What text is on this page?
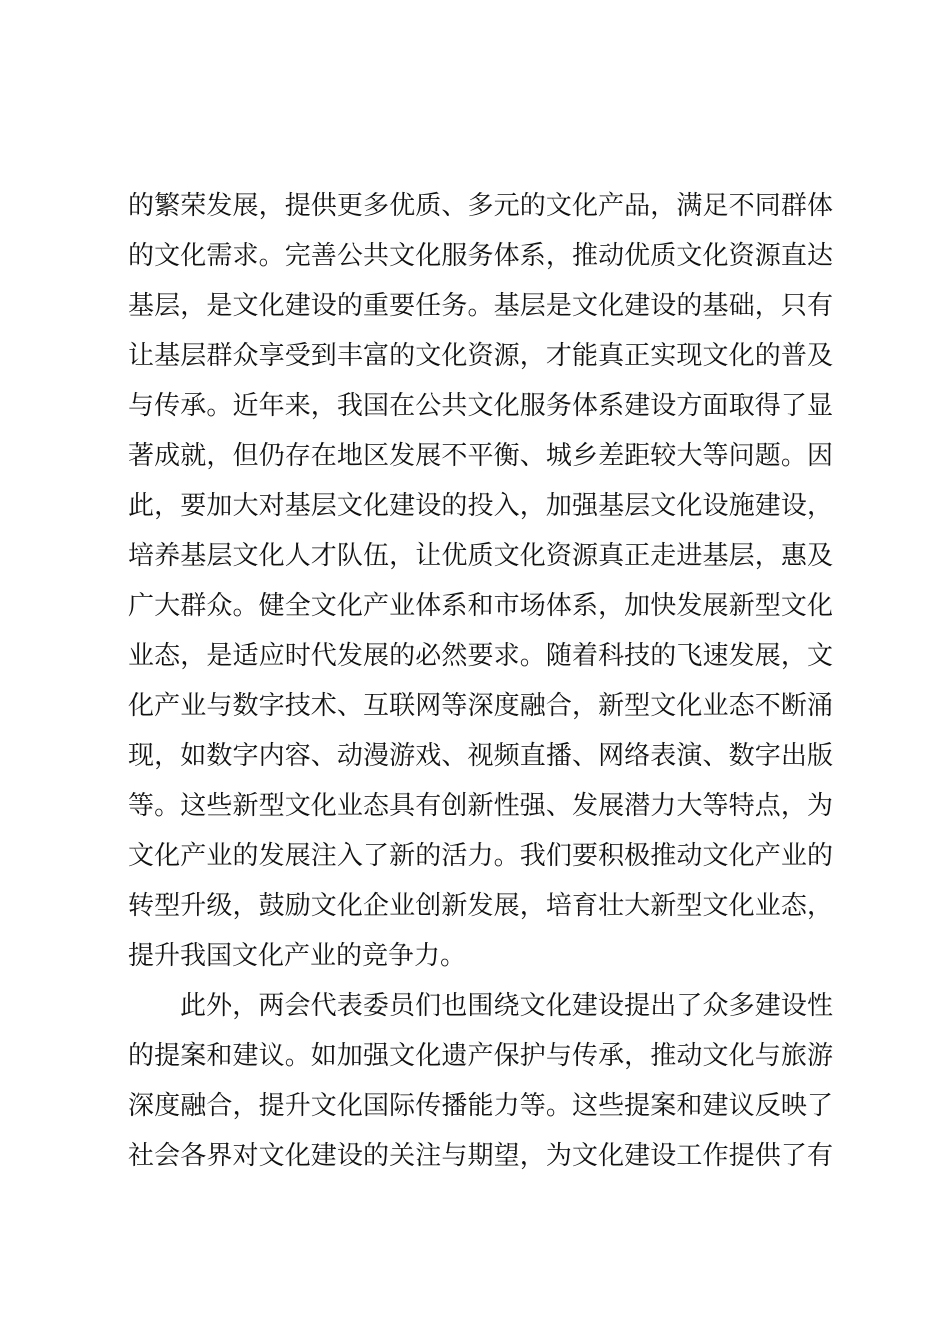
的繁荣发展，提供更多优质、多元的文化产品，满足不同群体
的文化需求。完善公共文化服务体系，推动优质文化资源直达
基层，是文化建设的重要任务。基层是文化建设的基础，只有
让基层群众享受到丰富的文化资源，才能真正实现文化的普及
与传承。近年来，我国在公共文化服务体系建设方面取得了显
著成就，但仍存在地区发展不平衡、城乡差距较大等问题。因
此，要加大对基层文化建设的投入，加强基层文化设施建设，
培养基层文化人才队伍，让优质文化资源真正走进基层，惠及
广大群众。健全文化产业体系和市场体系，加快发展新型文化
业态，是适应时代发展的必然要求。随着科技的飞速发展，文
化产业与数字技术、互联网等深度融合，新型文化业态不断涌
现，如数字内容、动漫游戏、视频直播、网络表演、数字出版
等。这些新型文化业态具有创新性强、发展潜力大等特点，为
文化产业的发展注入了新的活力。我们要积极推动文化产业的
转型升级，鼓励文化企业创新发展，培育壮大新型文化业态，
提升我国文化产业的竞争力。
此外，两会代表委员们也围绕文化建设提出了众多建设性
的提案和建议。如加强文化遗产保护与传承，推动文化与旅游
深度融合，提升文化国际传播能力等。这些提案和建议反映了
社会各界对文化建设的关注与期望，为文化建设工作提供了有
